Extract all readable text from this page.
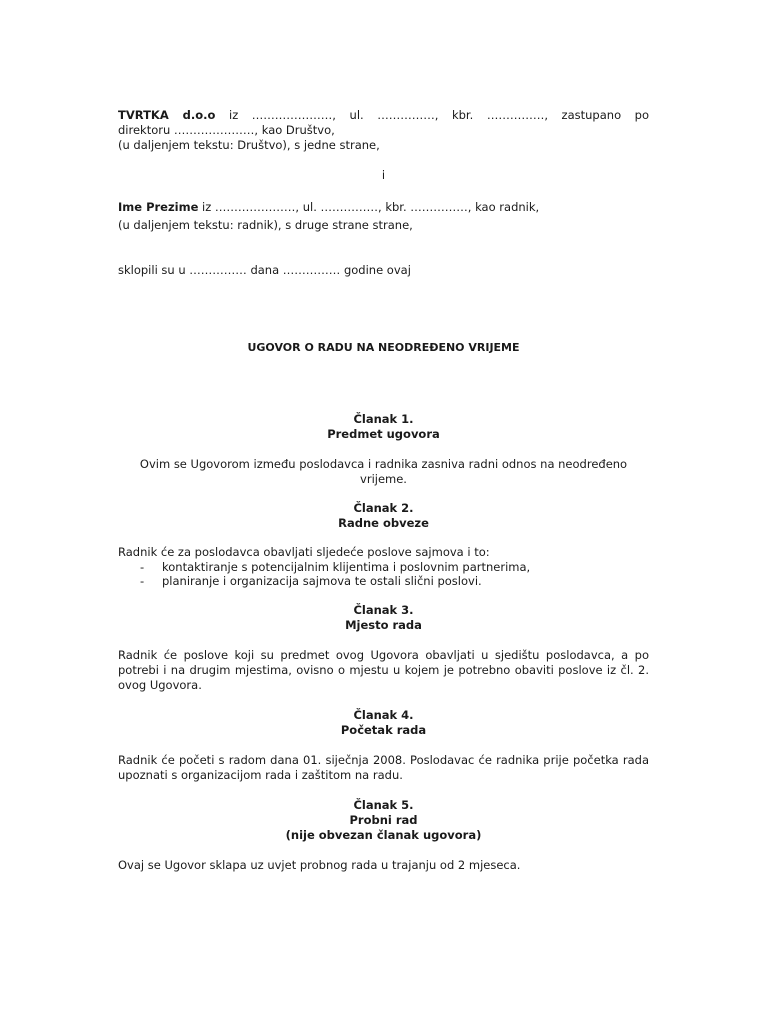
TVRTKA d.o.o iz …………………, ul. ……………, kbr. ……………, zastupano po
direktoru …………………, kao Društvo,
(u daljenjem tekstu: Društvo), s jedne strane,
i
Ime Prezime iz …………………, ul. ……………, kbr. ……………, kao radnik,
(u daljenjem tekstu: radnik), s druge strane strane,
sklopili su u …………… dana …………… godine ovaj
UGOVOR O RADU NA NEODREĐENO VRIJEME
Članak 1.
Predmet ugovora
Ovim se Ugovorom između poslodavca i radnika zasniva radni odnos na neodređeno vrijeme.
Članak 2.
Radne obveze
Radnik će za poslodavca obavljati sljedeće poslove sajmova i to:
- kontaktiranje s potencijalnim klijentima i poslovnim partnerima,
- planiranje i organizacija sajmova te ostali slični poslovi.
Članak 3.
Mjesto rada
Radnik će poslove koji su predmet ovog Ugovora obavljati u sjedištu poslodavca, a po potrebi i na drugim mjestima, ovisno o mjestu u kojem je potrebno obaviti poslove iz čl. 2. ovog Ugovora.
Članak 4.
Početak rada
Radnik će početi s radom dana 01. siječnja 2008. Poslodavac će radnika prije početka rada upoznati s organizacijom rada i zaštitom na radu.
Članak 5.
Probni rad
(nije obvezan članak ugovora)
Ovaj se Ugovor sklapa uz uvjet probnog rada u trajanju od 2 mjeseca.
